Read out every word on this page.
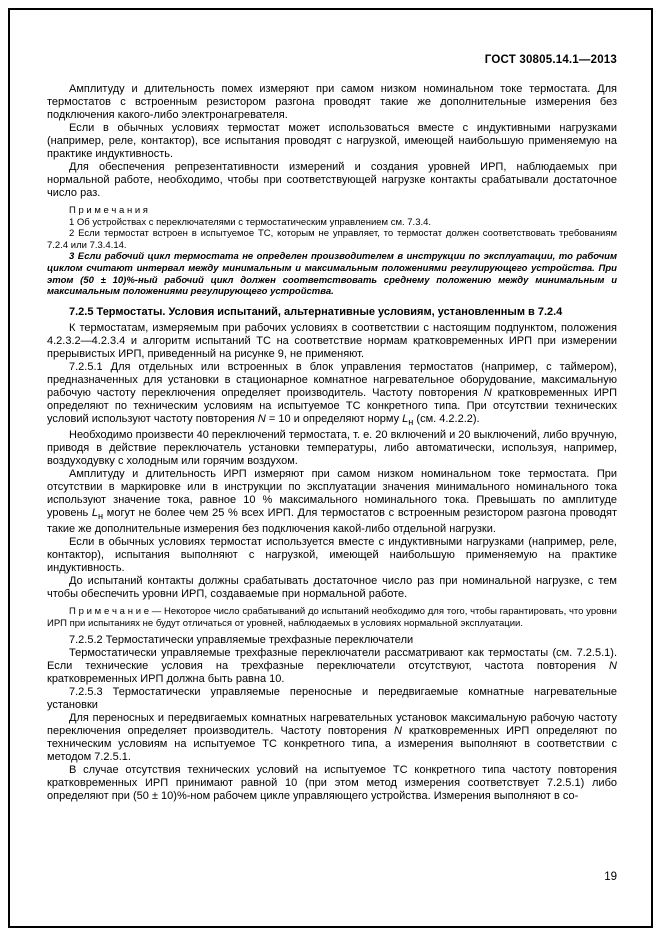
ГОСТ 30805.14.1—2013

Амплитуду и длительность помех измеряют при самом низком номинальном токе термостата. Для термостатов с встроенным резистором разгона проводят такие же дополнительные измерения без подключения какого-либо электронагревателя.

Если в обычных условиях термостат может использоваться вместе с индуктивными нагрузками (например, реле, контактор), все испытания проводят с нагрузкой, имеющей наибольшую применяемую на практике индуктивность.

Для обеспечения репрезентативности измерений и создания уровней ИРП, наблюдаемых при нормальной работе, необходимо, чтобы при соответствующей нагрузке контакты срабатывали достаточное число раз.

П р и м е ч а н и я

1 Об устройствах с переключателями с термостатическим управлением см. 7.3.4.

2 Если термостат встроен в испытуемое ТС, которым не управляет, то термостат должен соответствовать требованиям 7.2.4 или 7.3.4.14.

3 Если рабочий цикл термостата не определен производителем в инструкции по эксплуатации, то рабочим циклом считают интервал между минимальным и максимальным положениями регулирующего устройства. При этом (50 ± 10)%-ный рабочий цикл должен соответствовать среднему положению между минимальным и максимальным положениями регулирующего устройства.

7.2.5 Термостаты. Условия испытаний, альтернативные условиям, установленным в 7.2.4

К термостатам, измеряемым при рабочих условиях в соответствии с настоящим подпунктом, положения 4.2.3.2—4.2.3.4 и алгоритм испытаний ТС на соответствие нормам кратковременных ИРП при измерении прерывистых ИРП, приведенный на рисунке 9, не применяют.

7.2.5.1 Для отдельных или встроенных в блок управления термостатов (например, с таймером), предназначенных для установки в стационарное комнатное нагревательное оборудование, максимальную рабочую частоту переключения определяет производитель. Частоту повторения N кратковременных ИРП определяют по техническим условиям на испытуемое ТС конкретного типа. При отсутствии технических условий используют частоту повторения N = 10 и определяют норму $L_н$ (см. 4.2.2.2).

Необходимо произвести 40 переключений термостата, т. е. 20 включений и 20 выключений, либо вручную, приводя в действие переключатель установки температуры, либо автоматически, используя, например, воздуходувку с холодным или горячим воздухом.

Амплитуду и длительность ИРП измеряют при самом низком номинальном токе термостата. При отсутствии в маркировке или в инструкции по эксплуатации значения минимального номинального тока используют значение тока, равное 10 % максимального номинального тока. Превышать по амплитуде уровень $L_н$ могут не более чем 25 % всех ИРП. Для термостатов с встроенным резистором разгона проводят такие же дополнительные измерения без подключения какой-либо отдельной нагрузки.

Если в обычных условиях термостат используется вместе с индуктивными нагрузками (например, реле, контактор), испытания выполняют с нагрузкой, имеющей наибольшую применяемую на практике индуктивность.

До испытаний контакты должны срабатывать достаточное число раз при номинальной нагрузке, с тем чтобы обеспечить уровни ИРП, создаваемые при нормальной работе.

П р и м е ч а н и е — Некоторое число срабатываний до испытаний необходимо для того, чтобы гарантировать, что уровни ИРП при испытаниях не будут отличаться от уровней, наблюдаемых в условиях нормальной эксплуатации.

7.2.5.2 Термостатически управляемые трехфазные переключатели

Термостатически управляемые трехфазные переключатели рассматривают как термостаты (см. 7.2.5.1). Если технические условия на трехфазные переключатели отсутствуют, частота повторения N кратковременных ИРП должна быть равна 10.

7.2.5.3 Термостатически управляемые переносные и передвигаемые комнатные нагревательные установки

Для переносных и передвигаемых комнатных нагревательных установок максимальную рабочую частоту переключения определяет производитель. Частоту повторения N кратковременных ИРП определяют по техническим условиям на испытуемое ТС конкретного типа, а измерения выполняют в соответствии с методом 7.2.5.1.

В случае отсутствия технических условий на испытуемое ТС конкретного типа частоту повторения кратковременных ИРП принимают равной 10 (при этом метод измерения соответствует 7.2.5.1) либо определяют при (50 ± 10)%-ном рабочем цикле управляющего устройства. Измерения выполняют в со-

19
